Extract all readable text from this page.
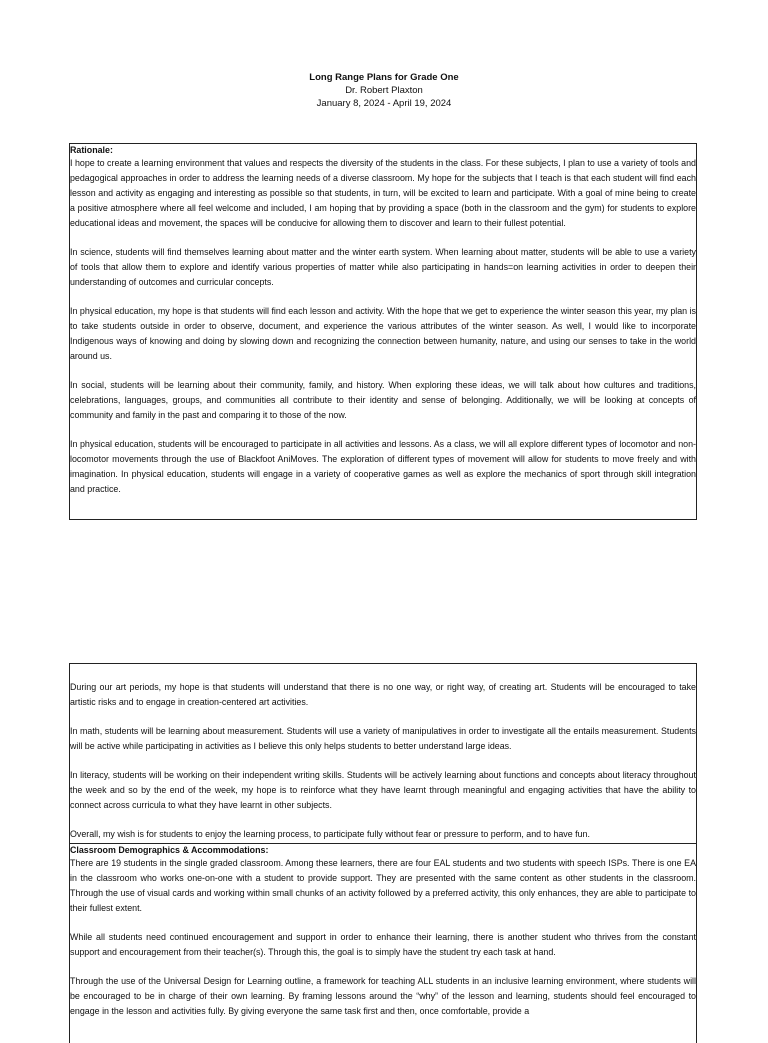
Long Range Plans for Grade One
Dr. Robert Plaxton
January 8, 2024 - April 19, 2024
Rationale:

I hope to create a learning environment that values and respects the diversity of the students in the class. For these subjects, I plan to use a variety of tools and pedagogical approaches in order to address the learning needs of a diverse classroom. My hope for the subjects that I teach is that each student will find each lesson and activity as engaging and interesting as possible so that students, in turn, will be excited to learn and participate. With a goal of mine being to create a positive atmosphere where all feel welcome and included, I am hoping that by providing a space (both in the classroom and the gym) for students to explore educational ideas and movement, the spaces will be conducive for allowing them to discover and learn to their fullest potential.

In science, students will find themselves learning about matter and the winter earth system. When learning about matter, students will be able to use a variety of tools that allow them to explore and identify various properties of matter while also participating in hands=on learning activities in order to deepen their understanding of outcomes and curricular concepts.

In physical education, my hope is that students will find each lesson and activity. With the hope that we get to experience the winter season this year, my plan is to take students outside in order to observe, document, and experience the various attributes of the winter season. As well, I would like to incorporate Indigenous ways of knowing and doing by slowing down and recognizing the connection between humanity, nature, and using our senses to take in the world around us.

In social, students will be learning about their community, family, and history. When exploring these ideas, we will talk about how cultures and traditions, celebrations, languages, groups, and communities all contribute to their identity and sense of belonging. Additionally, we will be looking at concepts of community and family in the past and comparing it to those of the now.

In physical education, students will be encouraged to participate in all activities and lessons. As a class, we will all explore different types of locomotor and non-locomotor movements through the use of Blackfoot AniMoves. The exploration of different types of movement will allow for students to move freely and with imagination. In physical education, students will engage in a variety of cooperative games as well as explore the mechanics of sport through skill integration and practice.

During our art periods, my hope is that students will understand that there is no one way, or right way, of creating art. Students will be encouraged to take artistic risks and to engage in creation-centered art activities.

In math, students will be learning about measurement. Students will use a variety of manipulatives in order to investigate all the entails measurement. Students will be active while participating in activities as I believe this only helps students to better understand large ideas.

In literacy, students will be working on their independent writing skills. Students will be actively learning about functions and concepts about literacy throughout the week and so by the end of the week, my hope is to reinforce what they have learnt through meaningful and engaging activities that have the ability to connect across curricula to what they have learnt in other subjects.

Overall, my wish is for students to enjoy the learning process, to participate fully without fear or pressure to perform, and to have fun.

Classroom Demographics & Accommodations:

There are 19 students in the single graded classroom. Among these learners, there are four EAL students and two students with speech ISPs. There is one EA in the classroom who works one-on-one with a student to provide support. They are presented with the same content as other students in the classroom. Through the use of visual cards and working within small chunks of an activity followed by a preferred activity, this only enhances, they are able to participate to their fullest extent.

While all students need continued encouragement and support in order to enhance their learning, there is another student who thrives from the constant support and encouragement from their teacher(s). Through this, the goal is to simply have the student try each task at hand.

Through the use of the Universal Design for Learning outline, a framework for teaching ALL students in an inclusive learning environment, where students will be encouraged to be in charge of their own learning. By framing lessons around the “why” of the lesson and learning, students should feel encouraged to engage in the lesson and activities fully. By giving everyone the same task first and then, once comfortable, provide a
